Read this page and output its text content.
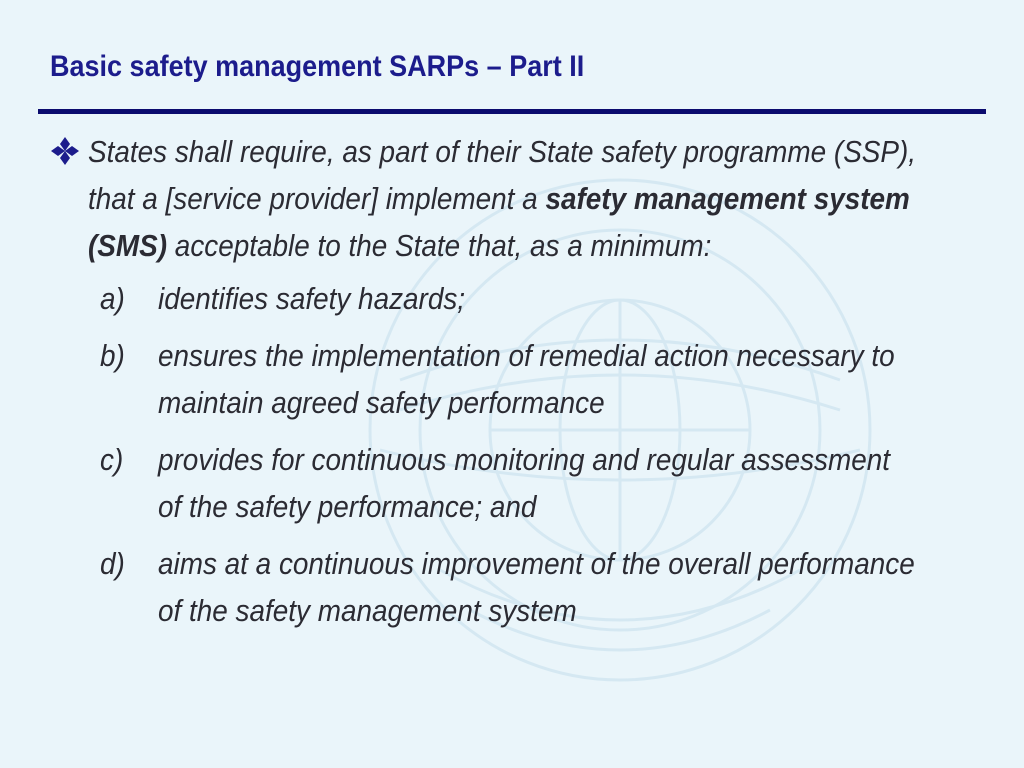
Basic safety management SARPs – Part II
States shall require, as part of their State safety programme (SSP), that a [service provider] implement a safety management system (SMS) acceptable to the State that, as a minimum:
a) identifies safety hazards;
b) ensures the implementation of remedial action necessary to maintain agreed safety performance
c) provides for continuous monitoring and regular assessment of the safety performance; and
d) aims at a continuous improvement of the overall performance of the safety management system
